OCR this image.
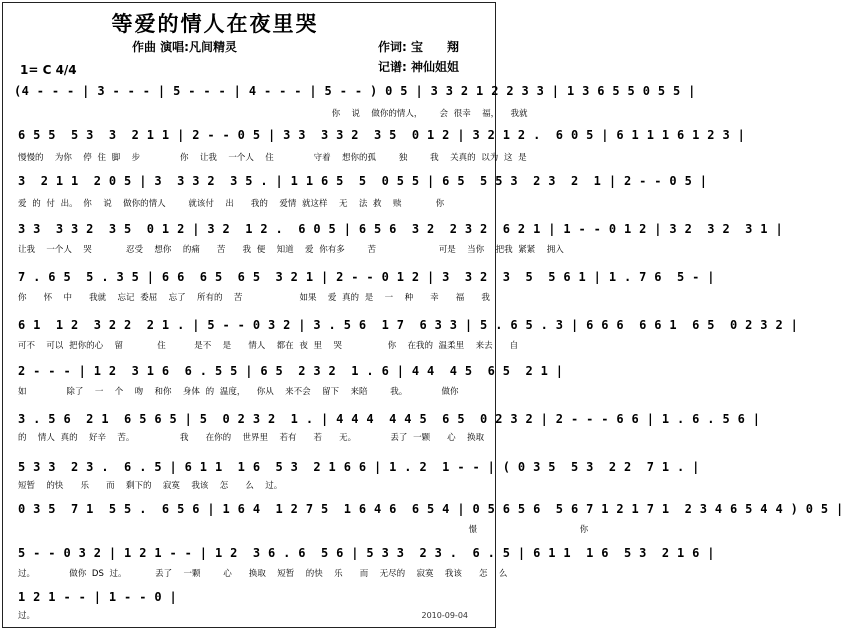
等爱的情人在夜里哭
作曲 演唱:凡间精灵	作词: 宝　　翔
1= C 4/4	记谱: 神仙姐姐
(4 - - - | 3 - - - | 5 - - - | 4 - - - | 5 - - ) 0 5 | 3 3 2 1 2 2 3 3 | 1 3 6 5 5 0 5 5 |
你  说  做你的情人，   会 很幸  福，  我就
6 5 5  5 3  3  2 1 1 | 2 - - 0 5 | 3 3  3 3 2  3 5  0 1 2 | 3 2 1 2 .  6 0 5 | 6 1 1 1 6 1 2 3 |
慢慢的  为你  停 住 脚  步       你  让我  一个人  住       守着  想你的孤    独    我  关真的 以为 这 是
3  2 1 1  2 0 5 | 3  3 3 2  3 5 . | 1 1 6 5  5  0 5 5 | 6 5  5 5 3  2 3  2  1 | 2 - - 0 5 |
爱 的 付 出。 你  说  做你的情人    就该付  出   我的  爱情 就这样  无  法 救  赎      你
3 3  3 3 2  3 5  0 1 2 | 3 2  1 2 .  6 0 5 | 6 5 6  3 2  2 3 2  6 2 1 | 1 - - 0 1 2 | 3 2  3 2  3 1 |
让我  一个人  哭      忍受  想你  的痛   苦   我 便  知道  爱 你有多    苦           可是  当你  把我 紧紧  拥入
7 . 6 5  5 . 3 5 | 6 6  6 5  6 5  3 2 1 | 2 - - 0 1 2 | 3  3 2  3  5  5 6 1 | 1 . 7 6  5 - |
你   怀  中   我就  忘记 委屈  忘了  所有的  苦          如果  爱 真的 是  一  种   幸   福   我
6 1  1 2  3 2 2  2 1 . | 5 - - 0 3 2 | 3 . 5 6  1 7  6 3 3 | 5 . 6 5 . 3 | 6 6 6  6 6 1  6 5  0 2 3 2 |
可不  可以 把你的心  留      住     是不  是   情人  都在 夜 里  哭        你  在我的 温柔里  来去   自
2 - - - | 1 2  3 1 6  6 . 5 5 | 6 5  2 3 2  1 . 6 | 4 4  4 5  6 5  2 1 |
如       除了  一  个  吻  和你  身体 的 温度，  你从  来不会  留下  来陪    我。      做你
3 . 5 6  2 1  6 5 6 5 | 5  0 2 3 2  1 . | 4 4 4  4 4 5  6 5  0 2 3 2 | 2 - - - 6 6 | 1 . 6 . 5 6 |
的  情人 真的  好辛  苦。        我   在你的  世界里  若有   若   无。      丢了 一颗   心  换取
5 3 3  2 3 .  6 . 5 | 6 1 1  1 6  5 3  2 1 6 6 | 1 . 2  1 - - | ( 0 3 5  5 3  2 2  7 1 . |
短暂  的快   乐   而  剩下的  寂寞  我该  怎   么  过。
0 3 5  7 1  5 5 .  6 5 6 | 1 6 4  1 2 7 5  1 6 4 6  6 5 4 | 0 5 6 5 6  5 6 7 1 2 1 7 1  2 3 4 6 5 4 4 ) 0 5 |
憬                  你
5 - - 0 3 2 | 1 2 1 - - | 1 2  3 6 . 6  5 6 | 5 3 3  2 3 .  6 . 5 | 6 1 1  1 6  5 3  2 1 6 |
过。      做你 DS 过。     丢了  一颗    心   换取  短暂  的快  乐   而  无尽的  寂寞  我该   怎  么
1 2 1 - - | 1 - - 0 |
过。	2010-09-04
